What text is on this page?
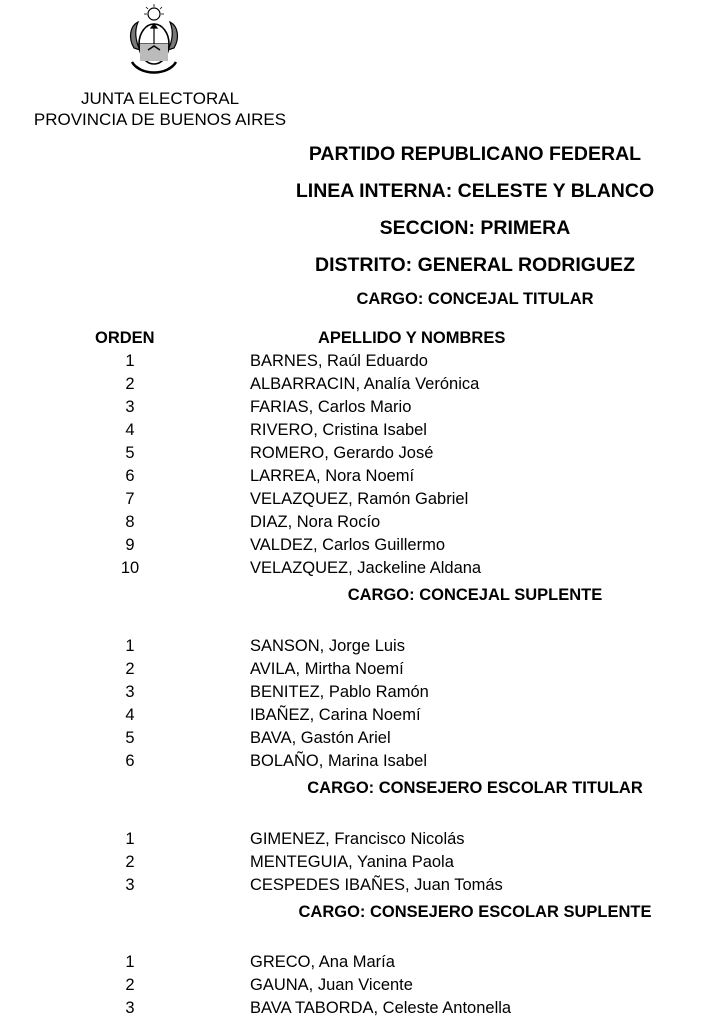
JUNTA ELECTORAL
PROVINCIA DE BUENOS AIRES
PARTIDO REPUBLICANO FEDERAL
LINEA INTERNA: CELESTE Y BLANCO
SECCION: PRIMERA
DISTRITO: GENERAL RODRIGUEZ
CARGO: CONCEJAL TITULAR
ORDEN	APELLIDO Y NOMBRES
1	BARNES, Raúl Eduardo
2	ALBARRACIN, Analía Verónica
3	FARIAS, Carlos Mario
4	RIVERO, Cristina Isabel
5	ROMERO, Gerardo José
6	LARREA, Nora Noemí
7	VELAZQUEZ, Ramón Gabriel
8	DIAZ, Nora Rocío
9	VALDEZ, Carlos Guillermo
10	VELAZQUEZ, Jackeline Aldana
CARGO: CONCEJAL SUPLENTE
1	SANSON, Jorge Luis
2	AVILA, Mirtha Noemí
3	BENITEZ, Pablo Ramón
4	IBAÑEZ, Carina Noemí
5	BAVA, Gastón Ariel
6	BOLAÑO, Marina Isabel
CARGO: CONSEJERO ESCOLAR TITULAR
1	GIMENEZ, Francisco Nicolás
2	MENTEGUIA, Yanina Paola
3	CESPEDES IBAÑES, Juan Tomás
CARGO: CONSEJERO ESCOLAR SUPLENTE
1	GRECO, Ana María
2	GAUNA, Juan Vicente
3	BAVA TABORDA, Celeste Antonella
